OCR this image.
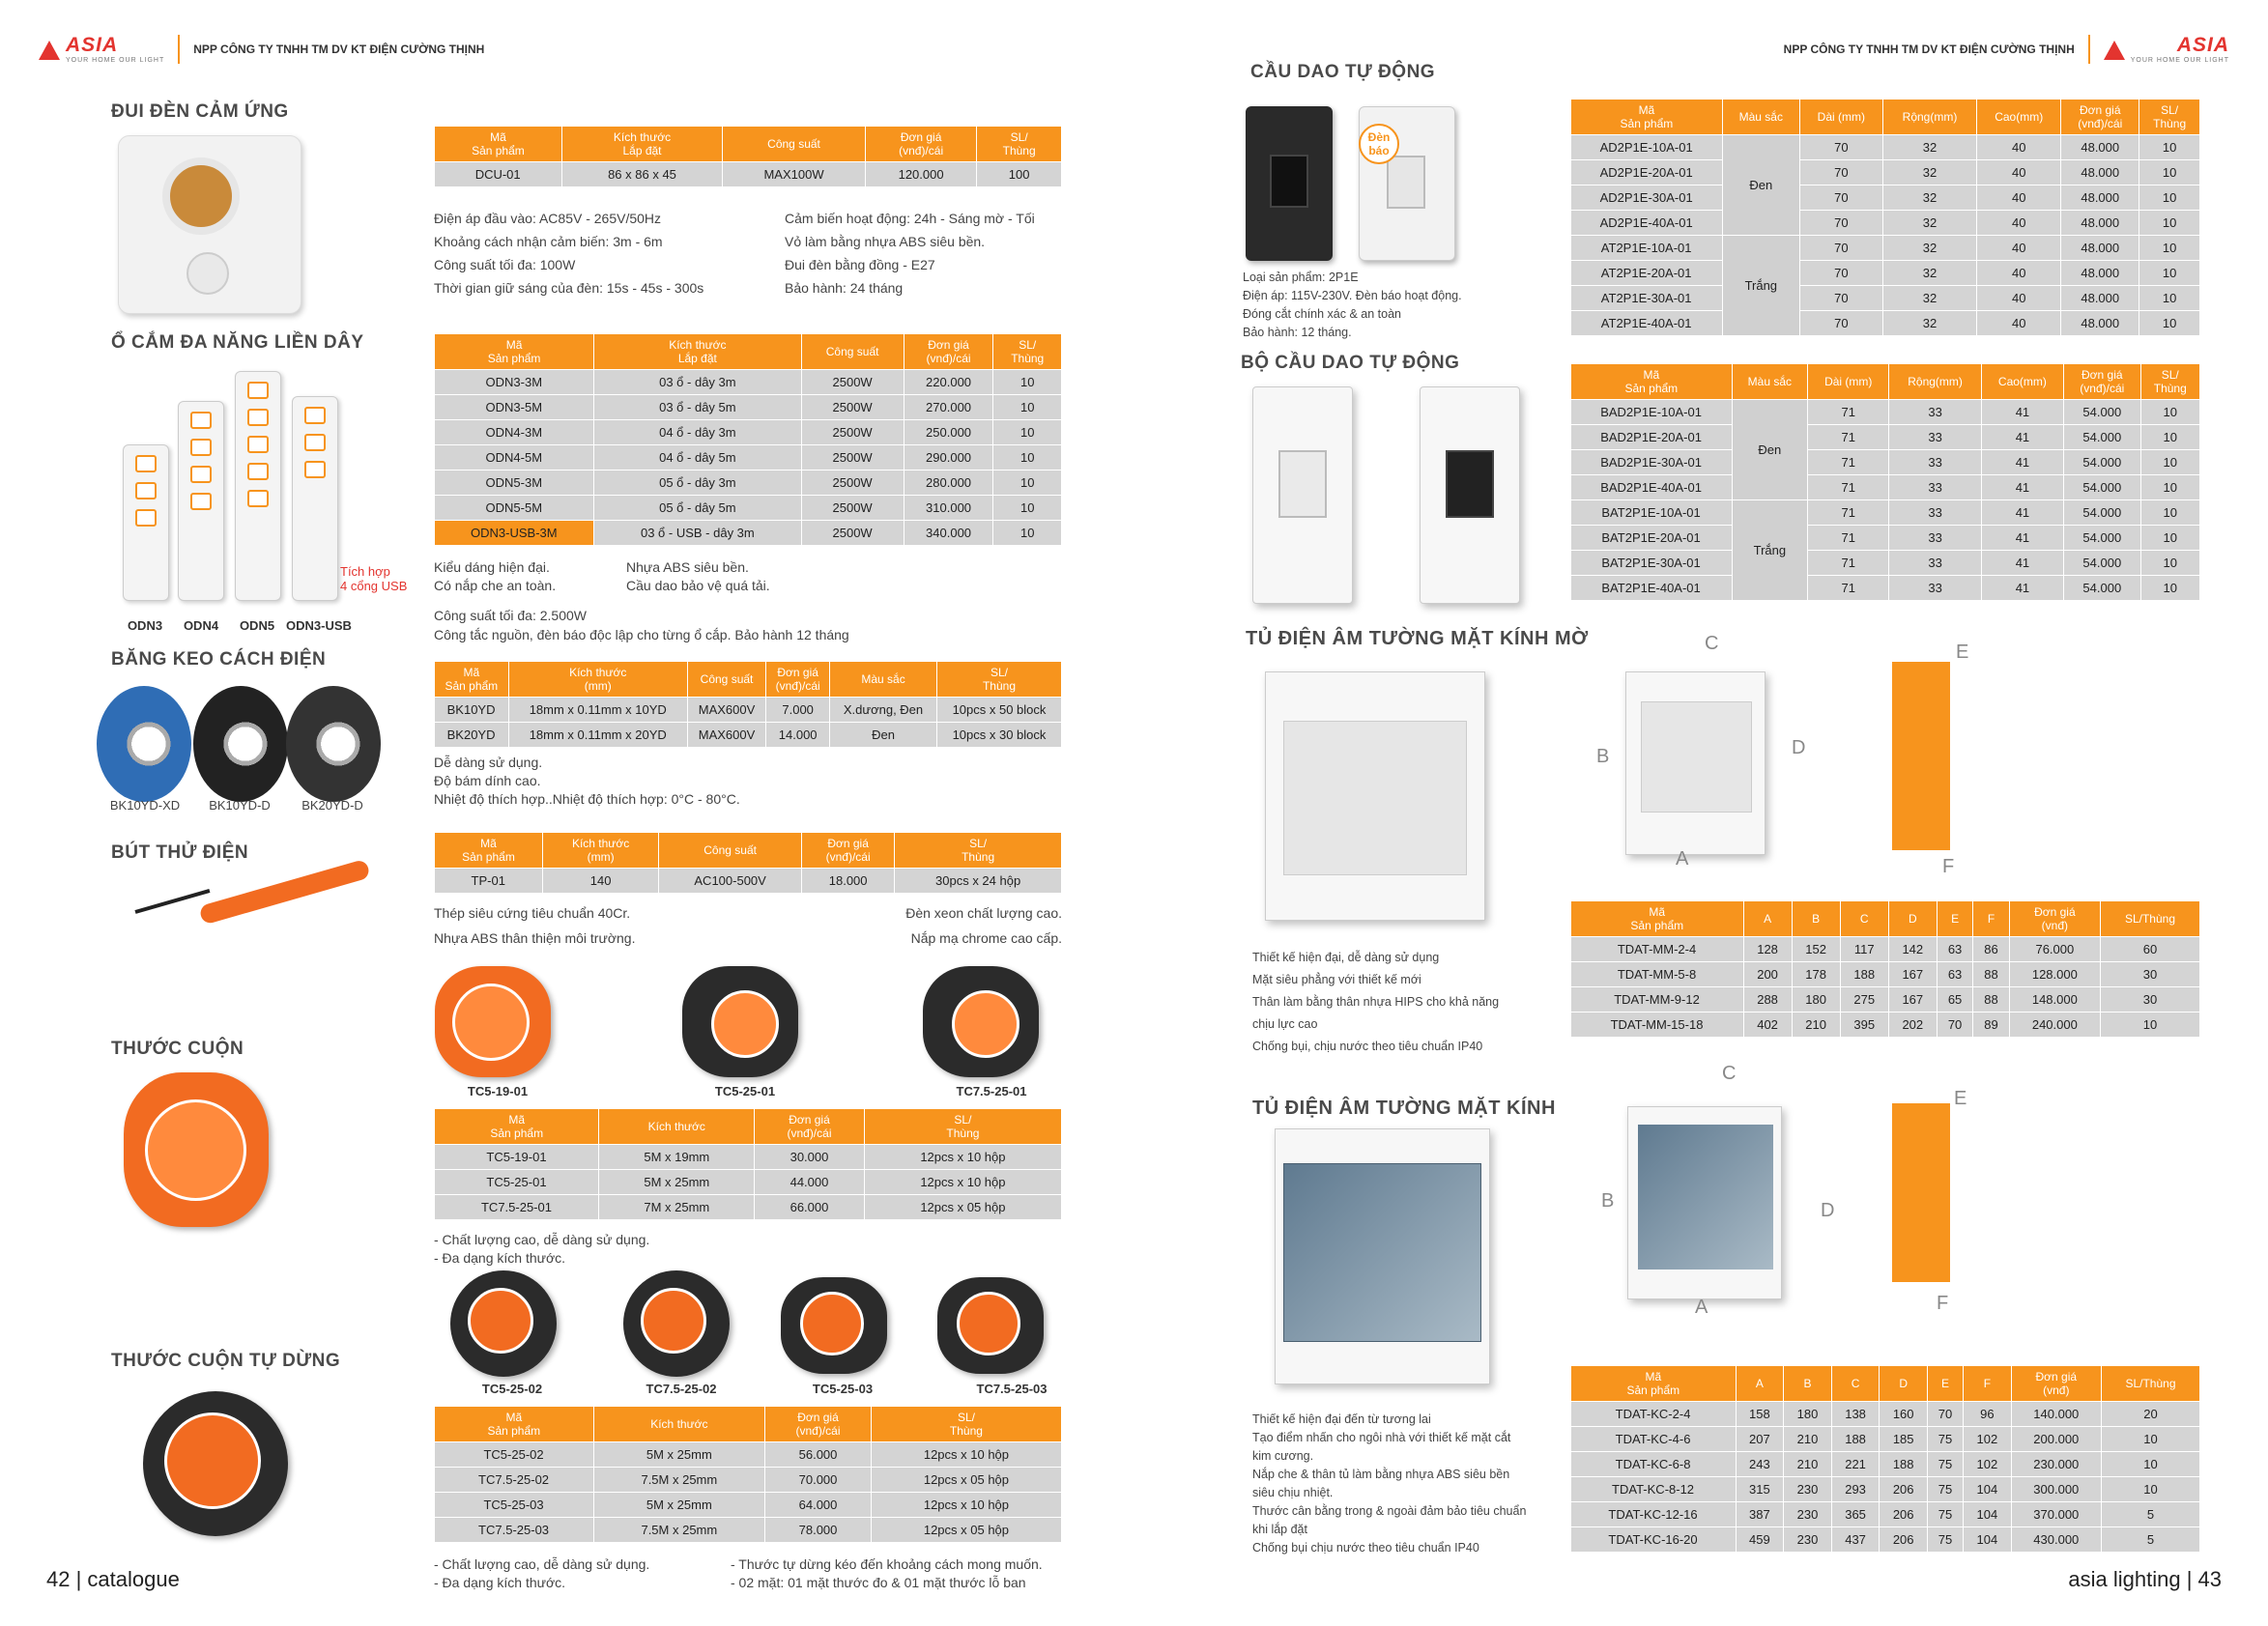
ASIA
YOUR HOME OUR LIGHT
NPP CÔNG TY TNHH TM DV KT ĐIỆN CƯỜNG THỊNH
ĐUI ĐÈN CẢM ỨNG
Mã
Sản phẩm	Kích thước
Lắp đặt	Công suất	Đơn giá
(vnđ)/cái	SL/
Thùng
DCU-01	86 x 86 x 45	MAX100W	120.000	100
Điện áp đầu vào: AC85V - 265V/50Hz
Khoảng cách nhận cảm biến: 3m - 6m
Công suất tối đa: 100W
Thời gian giữ sáng của đèn: 15s - 45s - 300s
Cảm biến hoạt động: 24h - Sáng mờ - Tối
Vỏ làm bằng nhựa ABS siêu bền.
Đui đèn bằng đồng - E27
Bảo hành: 24 tháng
Ổ CẮM ĐA NĂNG LIỀN DÂY
Tích hợp
4 cổng USB
ODN3	ODN4	ODN5 ODN3-USB
Mã
Sản phẩm	Kích thước
Lắp đặt	Công suất	Đơn giá
(vnđ)/cái	SL/
Thùng
ODN3-3M	03 ổ - dây 3m	2500W	220.000	10
ODN3-5M	03 ổ - dây 5m	2500W	270.000	10
ODN4-3M	04 ổ - dây 3m	2500W	250.000	10
ODN4-5M	04 ổ - dây 5m	2500W	290.000	10
ODN5-3M	05 ổ - dây 3m	2500W	280.000	10
ODN5-5M	05 ổ - dây 5m	2500W	310.000	10
ODN3-USB-3M	03 ổ - USB - dây 3m	2500W	340.000	10
Kiểu dáng hiện đại.
Có nắp che an toàn.
Nhựa ABS siêu bền.
Cầu dao bảo vệ quá tải.
Công suất tối đa: 2.500W
Công tắc nguồn, đèn báo độc lập cho từng ổ cắp. Bảo hành 12 tháng
BĂNG KEO CÁCH ĐIỆN
BK10YD-XD	BK10YD-D	BK20YD-D
Mã
Sản phẩm	Kích thước
(mm)	Công suất	Đơn giá
(vnđ)/cái	Màu sắc	SL/
Thùng
BK10YD	18mm x 0.11mm x 10YD	MAX600V	7.000	X.dương, Đen	10pcs x 50 block
BK20YD	18mm x 0.11mm x 20YD	MAX600V	14.000	Đen	10pcs x 30 block
Dễ dàng sử dụng.
Độ bám dính cao.
Nhiệt độ thích hợp..Nhiệt độ thích hợp: 0°C - 80°C.
BÚT THỬ ĐIỆN	Mã
Sản phẩm	Kích thước
(mm)	Công suất	Đơn giá
(vnđ)/cái	SL/
Thùng
TP-01	140	AC100-500V	18.000	30pcs x 24 hộp
Thép siêu cứng tiêu chuẩn 40Cr.
Nhựa ABS thân thiện môi trường.
Đèn xeon chất lượng cao.
Nắp mạ chrome cao cấp.
THƯỚC CUỘN
TC5-19-01	TC5-25-01	TC7.5-25-01
Mã
Sản phẩm	Kích thước	Đơn giá
(vnđ)/cái	SL/
Thùng
TC5-19-01	5M x 19mm	30.000	12pcs x 10 hộp
TC5-25-01	5M x 25mm	44.000	12pcs x 10 hộp
TC7.5-25-01	7M x 25mm	66.000	12pcs x 05 hộp
- Chất lượng cao, dễ dàng sử dụng.
- Đa dạng kích thước.
THƯỚC CUỘN TỰ DỪNG
TC5-25-02	TC7.5-25-02	TC5-25-03	TC7.5-25-03
Mã
Sản phẩm	Kích thước	Đơn giá
(vnđ)/cái	SL/
Thùng
TC5-25-02	5M x 25mm	56.000	12pcs x 10 hộp
TC7.5-25-02	7.5M x 25mm	70.000	12pcs x 05 hộp
TC5-25-03	5M x 25mm	64.000	12pcs x 10 hộp
TC7.5-25-03	7.5M x 25mm	78.000	12pcs x 05 hộp
- Chất lượng cao, dễ dàng sử dụng.
- Đa dạng kích thước.
- Thước tự dừng kéo đến khoảng cách mong muốn.
- 02 mặt: 01 mặt thước đo & 01 mặt thước lỗ ban
42 | catalogue
ASIA
YOUR HOME OUR LIGHT
NPP CÔNG TY TNHH TM DV KT ĐIỆN CƯỜNG THỊNH
CẦU DAO TỰ ĐỘNG
Đèn
báo
Loại sản phẩm: 2P1E
Điện áp: 115V-230V. Đèn báo hoạt động.
Đóng cắt chính xác & an toàn
Bảo hành: 12 tháng.
Mã
Sản phẩm	Màu sắc	Dài (mm)	Rộng(mm)	Cao(mm)	Đơn giá
(vnđ)/cái	SL/
Thùng
AD2P1E-10A-01	Đen	70	32	40	48.000	10
AD2P1E-20A-01		70	32	40	48.000	10
AD2P1E-30A-01		70	32	40	48.000	10
AD2P1E-40A-01		70	32	40	48.000	10
AT2P1E-10A-01	Trắng	70	32	40	48.000	10
AT2P1E-20A-01		70	32	40	48.000	10
AT2P1E-30A-01		70	32	40	48.000	10
AT2P1E-40A-01		70	32	40	48.000	10
BỘ CẦU DAO TỰ ĐỘNG
Mã
Sản phẩm	Màu sắc	Dài (mm)	Rộng(mm)	Cao(mm)	Đơn giá
(vnđ)/cái	SL/
Thùng
BAD2P1E-10A-01	Đen	71	33	41	54.000	10
BAD2P1E-20A-01		71	33	41	54.000	10
BAD2P1E-30A-01		71	33	41	54.000	10
BAD2P1E-40A-01		71	33	41	54.000	10
BAT2P1E-10A-01	Trắng	71	33	41	54.000	10
BAT2P1E-20A-01		71	33	41	54.000	10
BAT2P1E-30A-01		71	33	41	54.000	10
BAT2P1E-40A-01		71	33	41	54.000	10
TỦ ĐIỆN ÂM TƯỜNG MẶT KÍNH MỜ	C
B	D
A
E
F
Thiết kế hiện đại, dễ dàng sử dụng
Mặt siêu phẳng với thiết kế mới
Thân làm bằng thân nhựa HIPS cho khả năng
chịu lực cao
Chống bụi, chịu nước theo tiêu chuẩn IP40
Mã
Sản phẩm	A	B	C	D	E	F	Đơn giá
(vnđ)	SL/Thùng
TDAT-MM-2-4	128	152	117	142	63	86	76.000	60
TDAT-MM-5-8	200	178	188	167	63	88	128.000	30
TDAT-MM-9-12	288	180	275	167	65	88	148.000	30
TDAT-MM-15-18	402	210	395	202	70	89	240.000	10
TỦ ĐIỆN ÂM TƯỜNG MẶT KÍNH
C
B	D
A
E
F
Thiết kế hiện đại đến từ tương lai
Tạo điểm nhấn cho ngôi nhà với thiết kế mặt cắt
kim cương.
Nắp che & thân tủ làm bằng nhựa ABS siêu bền
siêu chịu nhiệt.
Thước cân bằng trong & ngoài đảm bảo tiêu chuẩn
khi lắp đặt
Chống bụi chịu nước theo tiêu chuẩn IP40
Mã
Sản phẩm	A	B	C	D	E	F	Đơn giá
(vnđ)	SL/Thùng
TDAT-KC-2-4	158	180	138	160	70	96	140.000	20
TDAT-KC-4-6	207	210	188	185	75	102	200.000	10
TDAT-KC-6-8	243	210	221	188	75	102	230.000	10
TDAT-KC-8-12	315	230	293	206	75	104	300.000	10
TDAT-KC-12-16	387	230	365	206	75	104	370.000	5
TDAT-KC-16-20	459	230	437	206	75	104	430.000	5
asia lighting | 43
